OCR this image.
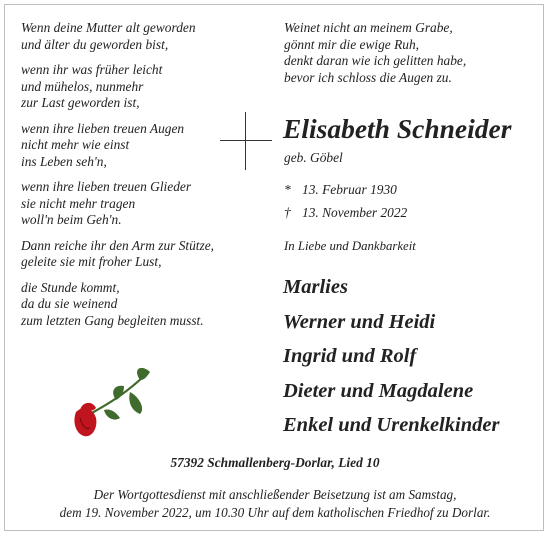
Wenn deine Mutter alt geworden
und älter du geworden bist,
wenn ihr was früher leicht
und mühelos, nunmehr
zur Last geworden ist,
wenn ihre lieben treuen Augen
nicht mehr wie einst
ins Leben seh'n,
wenn ihre lieben treuen Glieder
sie nicht mehr tragen
woll'n beim Geh'n.
Dann reiche ihr den Arm zur Stütze,
geleite sie mit froher Lust,
die Stunde kommt,
da du sie weinend
zum letzten Gang begleiten musst.
Weinet nicht an meinem Grabe,
gönnt mir die ewige Ruh,
denkt daran wie ich gelitten habe,
bevor ich schloss die Augen zu.
Elisabeth Schneider
geb. Göbel
* 13. Februar 1930
† 13. November 2022
In Liebe und Dankbarkeit
Marlies
Werner und Heidi
Ingrid und Rolf
Dieter und Magdalene
Enkel und Urenkelkinder
57392 Schmallenberg-Dorlar, Lied 10
Der Wortgottesdienst mit anschließender Beisetzung ist am Samstag,
dem 19. November 2022, um 10.30 Uhr auf dem katholischen Friedhof zu Dorlar.
